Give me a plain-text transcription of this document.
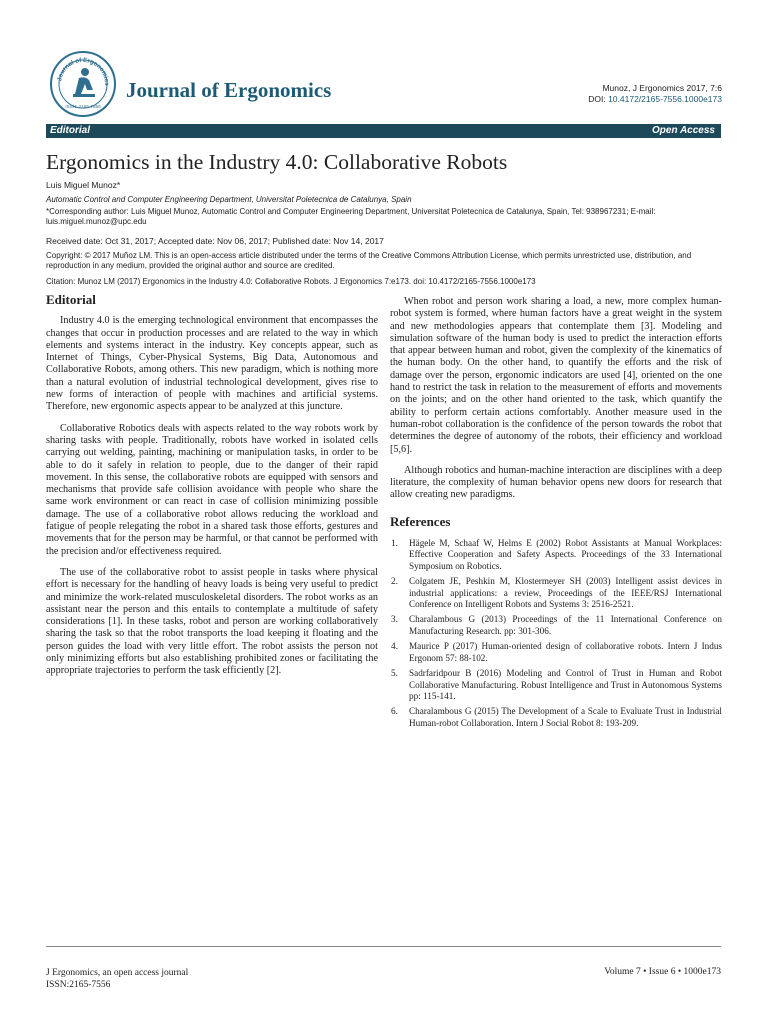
Journal of Ergonomics
ISSN: 2165-7556
Journal of Ergonomics	Munoz, J Ergonomics 2017, 7:6
DOI: 10.4172/2165-7556.1000e173
Editorial	Open Access
Ergonomics in the Industry 4.0: Collaborative Robots
Luis Miguel Munoz*
Automatic Control and Computer Engineering Department, Universitat Poletecnica de Catalunya, Spain
*Corresponding author: Luis Miguel Munoz, Automatic Control and Computer Engineering Department, Universitat Poletecnica de Catalunya, Spain, Tel: 938967231; E-mail: luis.miguel.munoz@upc.edu
Received date: Oct 31, 2017; Accepted date: Nov 06, 2017; Published date: Nov 14, 2017
Copyright: © 2017 Muñoz LM. This is an open-access article distributed under the terms of the Creative Commons Attribution License, which permits unrestricted use, distribution, and reproduction in any medium, provided the original author and source are credited.
Citation: Munoz LM (2017) Ergonomics in the Industry 4.0: Collaborative Robots. J Ergonomics 7:e173. doi: 10.4172/2165-7556.1000e173
Editorial

Industry 4.0 is the emerging technological environment that encompasses the changes that occur in production processes and are related to the way in which elements and systems interact in the industry. Key concepts appear, such as Internet of Things, Cyber-Physical Systems, Big Data, Autonomous and Collaborative Robots, among others. This new paradigm, which is nothing more than a natural evolution of industrial technological development, gives rise to new forms of interaction of people with machines and artificial systems. Therefore, new ergonomic aspects appear to be analyzed at this juncture.

Collaborative Robotics deals with aspects related to the way robots work by sharing tasks with people. Traditionally, robots have worked in isolated cells carrying out welding, painting, machining or manipulation tasks, in order to be able to do it safely in relation to people, due to the danger of their rapid movement. In this sense, the collaborative robots are equipped with sensors and mechanisms that provide safe collision avoidance with people who share the same work environment or can react in case of collision minimizing possible damage. The use of a collaborative robot allows reducing the workload and fatigue of people relegating the robot in a shared task those efforts, gestures and movements that for the person may be harmful, or that cannot be performed with the precision and/or effectiveness required.

The use of the collaborative robot to assist people in tasks where physical effort is necessary for the handling of heavy loads is being very useful to predict and minimize the work-related musculoskeletal disorders. The robot works as an assistant near the person and this entails to contemplate a multitude of safety considerations [1]. In these tasks, robot and person are working collaboratively sharing the task so that the robot transports the load keeping it floating and the person guides the load with very little effort. The robot assists the person not only minimizing efforts but also establishing prohibited zones or facilitating the appropriate trajectories to perform the task efficiently [2].

When robot and person work sharing a load, a new, more complex human-robot system is formed, where human factors have a great weight in the system and new methodologies appears that contemplate them [3]. Modeling and simulation software of the human body is used to predict the interaction efforts that appear between human and robot, given the complexity of the kinematics of the human body. On the other hand, to quantify the efforts and the risk of damage over the person, ergonomic indicators are used [4], oriented on the one hand to restrict the task in relation to the measurement of efforts and movements on the joints; and on the other hand oriented to the task, which quantify the ability to perform certain actions comfortably. Another measure used in the human-robot collaboration is the confidence of the person towards the robot that determines the degree of autonomy of the robots, their efficiency and workload [5,6].

Although robotics and human-machine interaction are disciplines with a deep literature, the complexity of human behavior opens new doors for research that allow creating new paradigms.

References
1. Hägele M, Schaaf W, Helms E (2002) Robot Assistants at Manual Workplaces: Effective Cooperation and Safety Aspects. Proceedings of the 33 International Symposium on Robotics.
2. Colgatem JE, Peshkin M, Klostermeyer SH (2003) Intelligent assist devices in industrial applications: a review, Proceedings of the IEEE/RSJ International Conference on Intelligent Robots and Systems 3: 2516-2521.
3. Charalambous G (2013) Proceedings of the 11 International Conference on Manufacturing Research. pp: 301-306.
4. Maurice P (2017) Human-oriented design of collaborative robots. Intern J Indus Ergonom 57: 88-102.
5. Sadrfaridpour B (2016) Modeling and Control of Trust in Human and Robot Collaborative Manufacturing. Robust Intelligence and Trust in Autonomous Systems pp: 115-141.
6. Charalambous G (2015) The Development of a Scale to Evaluate Trust in Industrial Human-robot Collaboration. Intern J Social Robot 8: 193-209.
J Ergonomics, an open access journal
ISSN:2165-7556
Volume 7 • Issue 6 • 1000e173
